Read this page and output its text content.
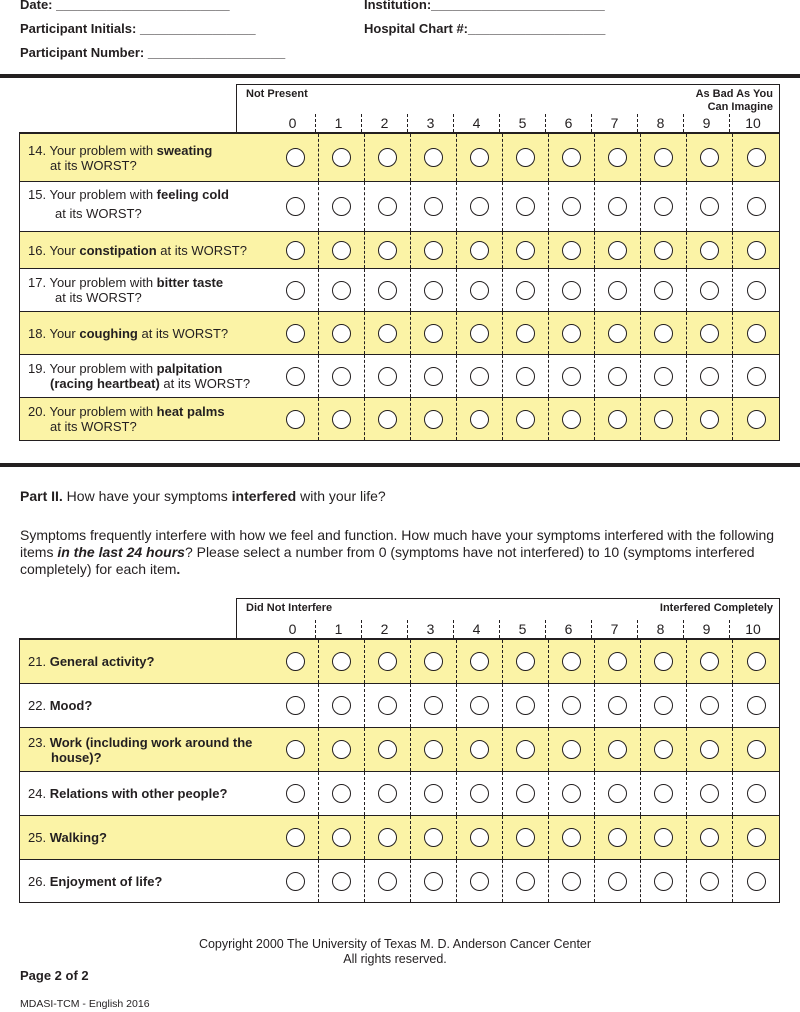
Date: ________________________	Institution:________________________
Participant Initials: ________________	Hospital Chart #:___________________
Participant Number: ___________________
Not Present	As Bad As You
Can Imagine
0	1	2	3	4	5	6	7	8	9	10
14. Your problem with sweating
at its WORST?
15. Your problem with feeling cold
at its WORST?
16. Your constipation at its WORST?
17. Your problem with bitter taste
at its WORST?
18. Your coughing at its WORST?
19. Your problem with palpitation
(racing heartbeat) at its WORST?
20. Your problem with heat palms
at its WORST?
Part II. How have your symptoms interfered with your life?
Symptoms frequently interfere with how we feel and function. How much have your symptoms interfered with the following items in the last 24 hours? Please select a number from 0 (symptoms have not interfered) to 10 (symptoms interfered completely) for each item.
Did Not Interfere	Interfered Completely
0	1	2	3	4	5	6	7	8	9	10
21. General activity?
22. Mood?
23. Work (including work around the house)?
24. Relations with other people?
25. Walking?
26. Enjoyment of life?
Copyright 2000 The University of Texas M. D. Anderson Cancer Center
All rights reserved.
Page 2 of 2
MDASI-TCM - English 2016
